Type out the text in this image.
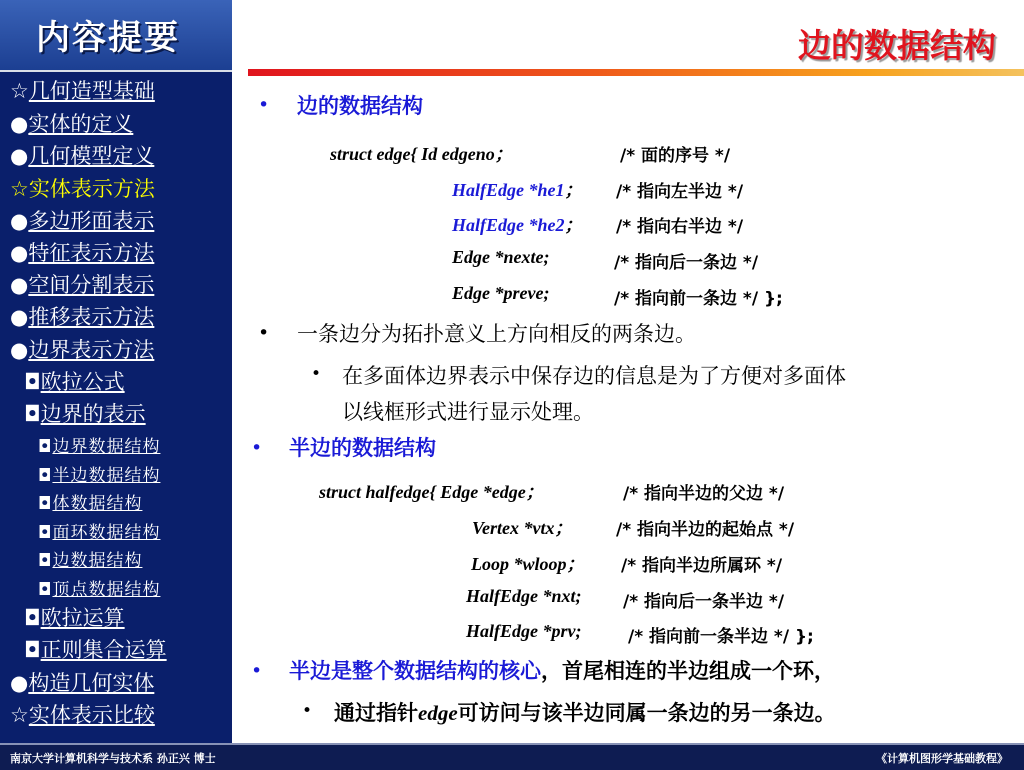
内容提要
☆几何造型基础
●实体的定义
●几何模型定义
☆实体表示方法
●多边形面表示
●特征表示方法
●空间分割表示
●推移表示方法
●边界表示方法
◘欧拉公式
◘边界的表示
◘边界数据结构
◘半边数据结构
◘体数据结构
◘面环数据结构
◘边数据结构
◘顶点数据结构
◘欧拉运算
◘正则集合运算
●构造几何实体
☆实体表示比较
边的数据结构
• 边的数据结构
struct edge{ Id edgeno；	/* 面的序号 */
HalfEdge *he1； /* 指向左半边 */
HalfEdge *he2； /* 指向右半边 */
Edge *nexte;	/* 指向后一条边 */
Edge *preve;	/* 指向前一条边 */ };
• 一条边分为拓扑意义上方向相反的两条边。
• 在多面体边界表示中保存边的信息是为了方便对多面体
以线框形式进行显示处理。
• 半边的数据结构
struct halfedge{ Edge *edge；	/* 指向半边的父边 */
Vertex *vtx；	/* 指向半边的起始点 */
Loop *wloop； /* 指向半边所属环 */
HalfEdge *nxt; /* 指向后一条半边 */
HalfEdge *prv;	/* 指向前一条半边 */ };
• 半边是整个数据结构的核心，首尾相连的半边组成一个环，
• 通过指针edge可访问与该半边同属一条边的另一条边。
南京大学计算机科学与技术系 孙正兴 博士	《计算机图形学基础教程》
